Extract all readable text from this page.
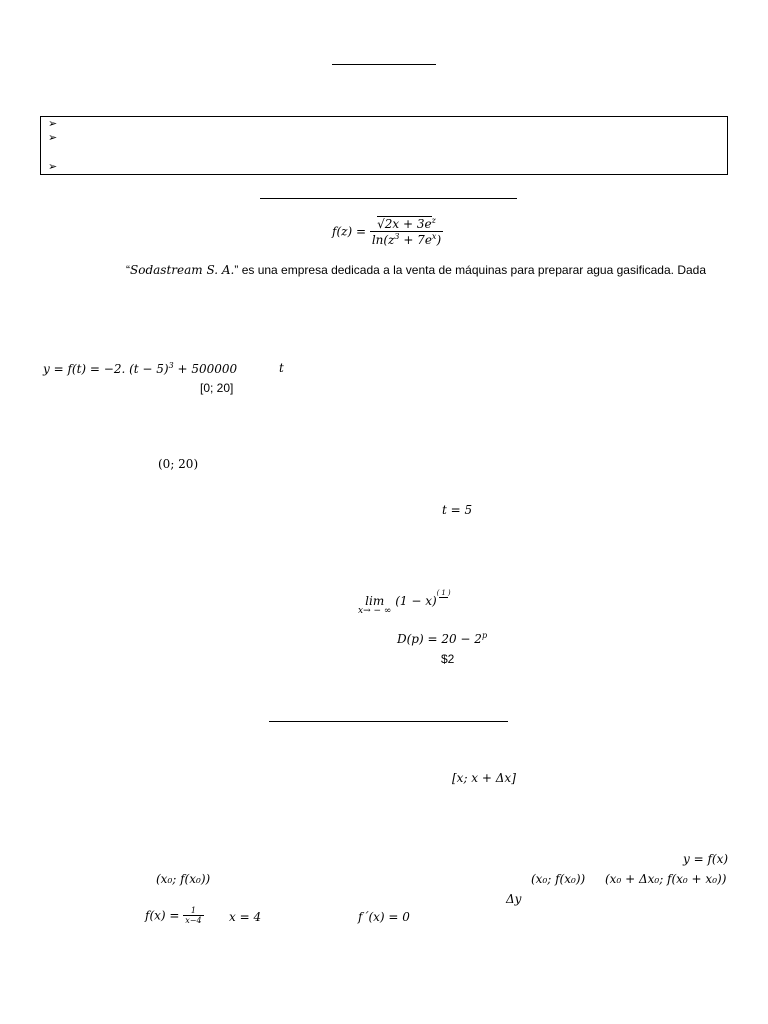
➢
➢
➢
$f(z) = \frac{√2x + 3e^z}{\ln(z^3 + 7e^x)}$
“Sodastream S. A.” es una empresa dedicada a la venta de máquinas para preparar agua gasificada. Dada
y = f(t) = −2. $(t - 5)^3 + 500000$	t
[0; 20]
(0; 20)
t = 5
lim
x→ − ∞
(1 − x)( 1 )
$D(p) = 20 - 2^p$
$2
[x; x + Δx]
y = f(x)
(x₀; f(x₀))	(x₀; f(x₀)) (x₀ + Δx₀; f(x₀ + x₀))
Δy
$f(x) = \frac{1}{x-4}$ x = 4	f´(x) = 0
